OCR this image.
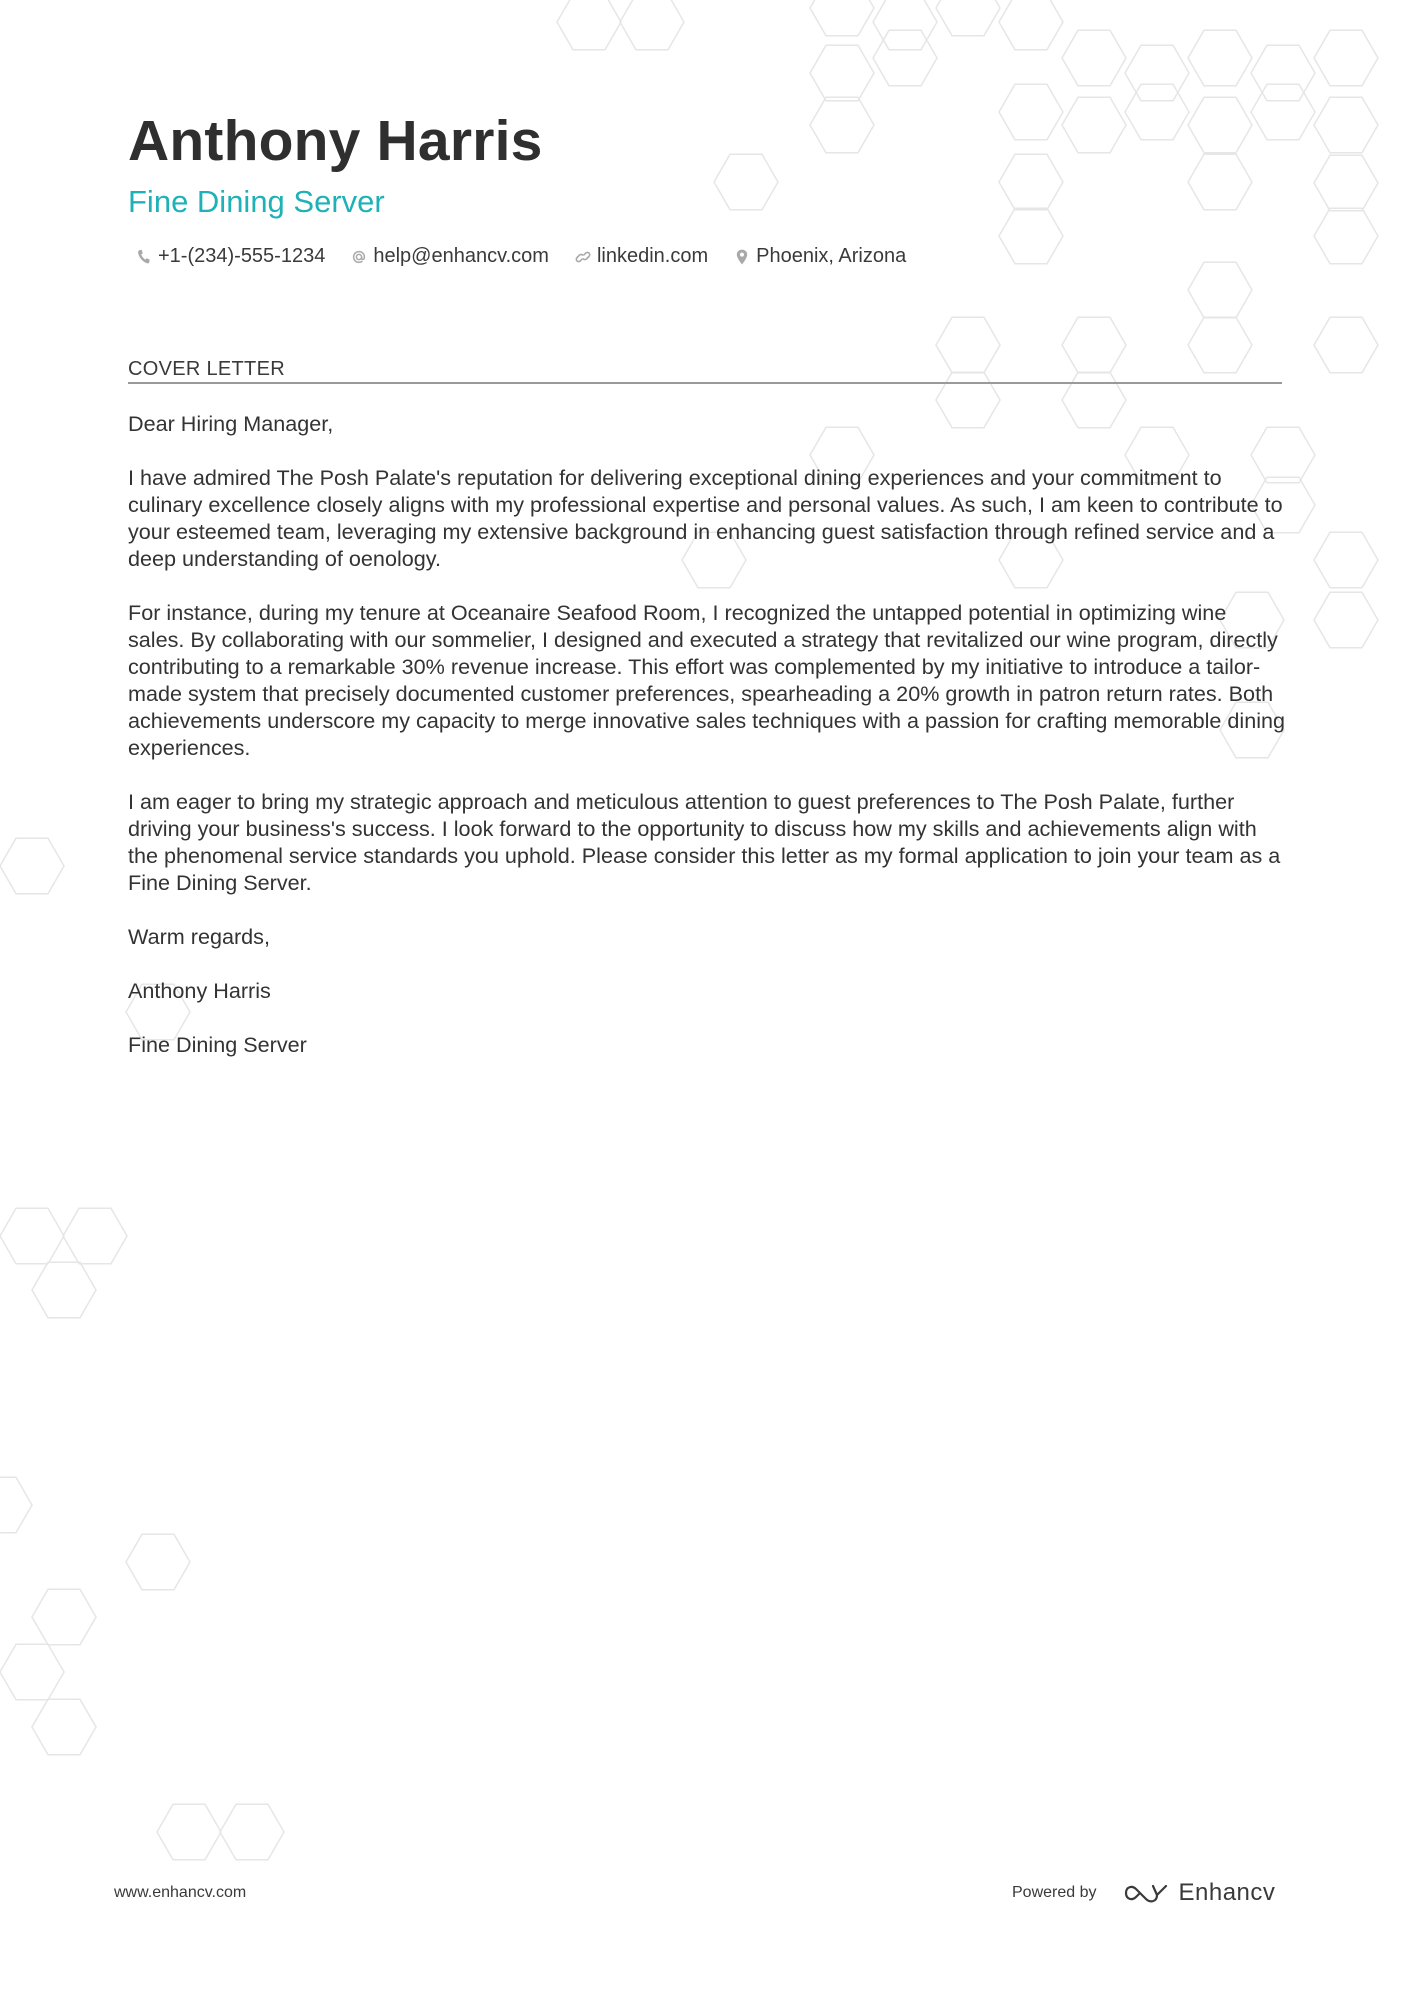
Anthony Harris
Fine Dining Server
+1-(234)-555-1234 help@enhancv.com linkedin.com Phoenix, Arizona
COVER LETTER

Dear Hiring Manager,

I have admired The Posh Palate's reputation for delivering exceptional dining experiences and your commitment to culinary excellence closely aligns with my professional expertise and personal values. As such, I am keen to contribute to your esteemed team, leveraging my extensive background in enhancing guest satisfaction through refined service and a deep understanding of oenology.

For instance, during my tenure at Oceanaire Seafood Room, I recognized the untapped potential in optimizing wine sales. By collaborating with our sommelier, I designed and executed a strategy that revitalized our wine program, directly contributing to a remarkable 30% revenue increase. This effort was complemented by my initiative to introduce a tailor-made system that precisely documented customer preferences, spearheading a 20% growth in patron return rates. Both achievements underscore my capacity to merge innovative sales techniques with a passion for crafting memorable dining experiences.

I am eager to bring my strategic approach and meticulous attention to guest preferences to The Posh Palate, further driving your business's success. I look forward to the opportunity to discuss how my skills and achievements align with the phenomenal service standards you uphold. Please consider this letter as my formal application to join your team as a Fine Dining Server.

Warm regards,

Anthony Harris

Fine Dining Server

www.enhancv.com	Powered by	Enhancv
